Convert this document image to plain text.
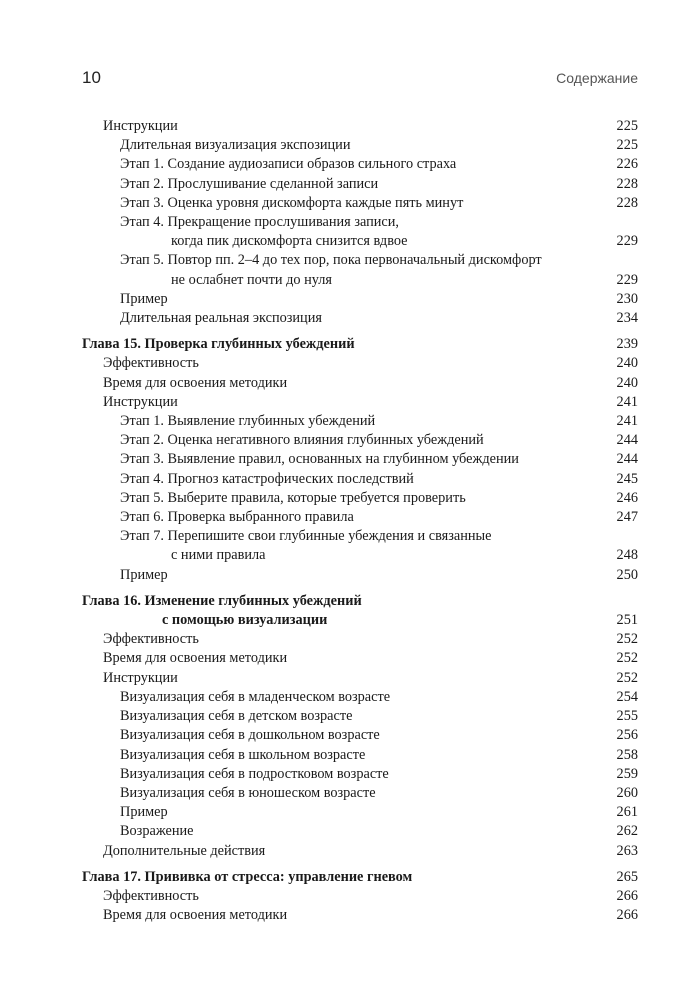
10	Содержание
Инструкции	225
Длительная визуализация экспозиции	225
Этап 1. Создание аудиозаписи образов сильного страха	226
Этап 2. Прослушивание сделанной записи	228
Этап 3. Оценка уровня дискомфорта каждые пять минут	228
Этап 4. Прекращение прослушивания записи,
когда пик дискомфорта снизится вдвое	229
Этап 5. Повтор пп. 2–4 до тех пор, пока первоначальный дискомфорт
не ослабнет почти до нуля	229
Пример	230
Длительная реальная экспозиция	234
Глава 15. Проверка глубинных убеждений	239
Эффективность	240
Время для освоения методики	240
Инструкции	241
Этап 1. Выявление глубинных убеждений	241
Этап 2. Оценка негативного влияния глубинных убеждений	244
Этап 3. Выявление правил, основанных на глубинном убеждении	244
Этап 4. Прогноз катастрофических последствий	245
Этап 5. Выберите правила, которые требуется проверить	246
Этап 6. Проверка выбранного правила	247
Этап 7. Перепишите свои глубинные убеждения и связанные
с ними правила	248
Пример	250
Глава 16. Изменение глубинных убеждений
с помощью визуализации	251
Эффективность	252
Время для освоения методики	252
Инструкции	252
Визуализация себя в младенческом возрасте	254
Визуализация себя в детском возрасте	255
Визуализация себя в дошкольном возрасте	256
Визуализация себя в школьном возрасте	258
Визуализация себя в подростковом возрасте	259
Визуализация себя в юношеском возрасте	260
Пример	261
Возражение	262
Дополнительные действия	263
Глава 17. Прививка от стресса: управление гневом	265
Эффективность	266
Время для освоения методики	266
